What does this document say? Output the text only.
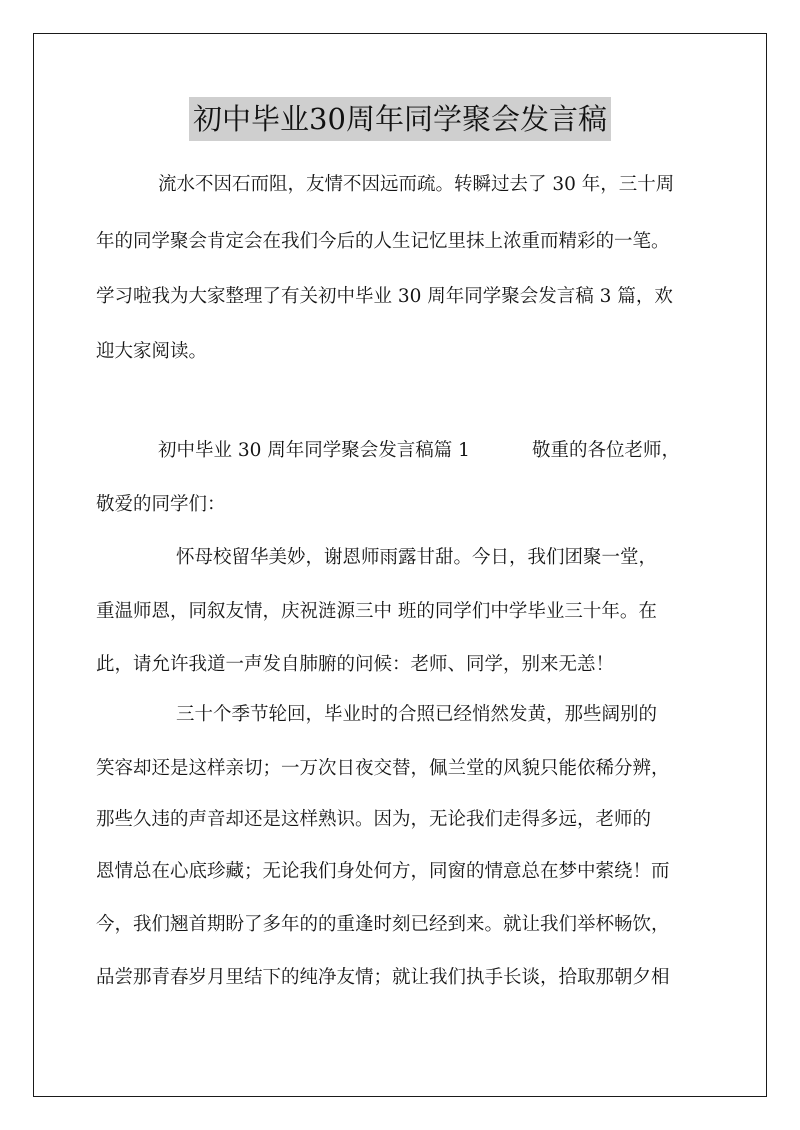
初中毕业30周年同学聚会发言稿
流水不因石而阻，友情不因远而疏。转瞬过去了 30 年，三十周
年的同学聚会肯定会在我们今后的人生记忆里抹上浓重而精彩的一笔。
学习啦我为大家整理了有关初中毕业 30 周年同学聚会发言稿 3 篇，欢
迎大家阅读。
初中毕业 30 周年同学聚会发言稿篇 1	敬重的各位老师，
敬爱的同学们：
怀母校留华美妙，谢恩师雨露甘甜。今日，我们团聚一堂，
重温师恩，同叙友情，庆祝涟源三中 班的同学们中学毕业三十年。在
此，请允许我道一声发自肺腑的问候：老师、同学，别来无恙！
三十个季节轮回，毕业时的合照已经悄然发黄，那些阔别的
笑容却还是这样亲切；一万次日夜交替，佩兰堂的风貌只能依稀分辨，
那些久违的声音却还是这样熟识。因为，无论我们走得多远，老师的
恩情总在心底珍藏；无论我们身处何方，同窗的情意总在梦中萦绕！而
今，我们翘首期盼了多年的的重逢时刻已经到来。就让我们举杯畅饮，
品尝那青春岁月里结下的纯净友情；就让我们执手长谈，拾取那朝夕相
